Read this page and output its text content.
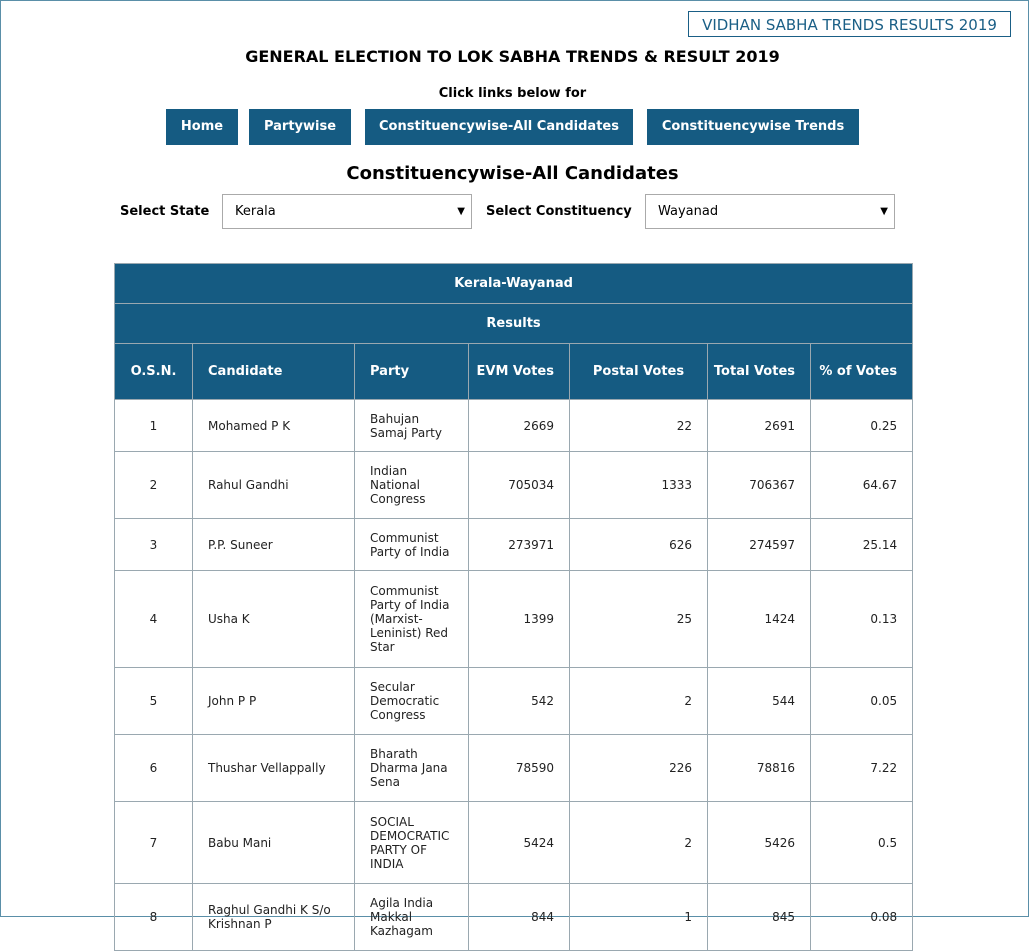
VIDHAN SABHA TRENDS RESULTS 2019
GENERAL ELECTION TO LOK SABHA TRENDS & RESULT 2019
Click links below for
Home	Partywise	Constituencywise-All Candidates	Constituencywise Trends
Constituencywise-All Candidates
Select State	Kerala	▼ Select Constituency	Wayanad	▼
Kerala-Wayanad						
Results						
O.S.N.	Candidate	Party	EVM Votes	Postal Votes	Total Votes	% of Votes
1	Mohamed P K	Bahujan Samaj Party	2669	22	2691	0.25
2	Rahul Gandhi	Indian National Congress	705034	1333	706367	64.67
3	P.P. Suneer	Communist Party of India	273971	626	274597	25.14
4	Usha K	Communist Party of India (Marxist-Leninist) Red Star	1399	25	1424	0.13
5	John P P	Secular Democratic Congress	542	2	544	0.05
6	Thushar Vellappally	Bharath Dharma Jana Sena	78590	226	78816	7.22
7	Babu Mani	SOCIAL DEMOCRATIC PARTY OF INDIA	5424	2	5426	0.5
8	Raghul Gandhi K S/o Krishnan P	Agila India Makkal Kazhagam	844	1	845	0.08
